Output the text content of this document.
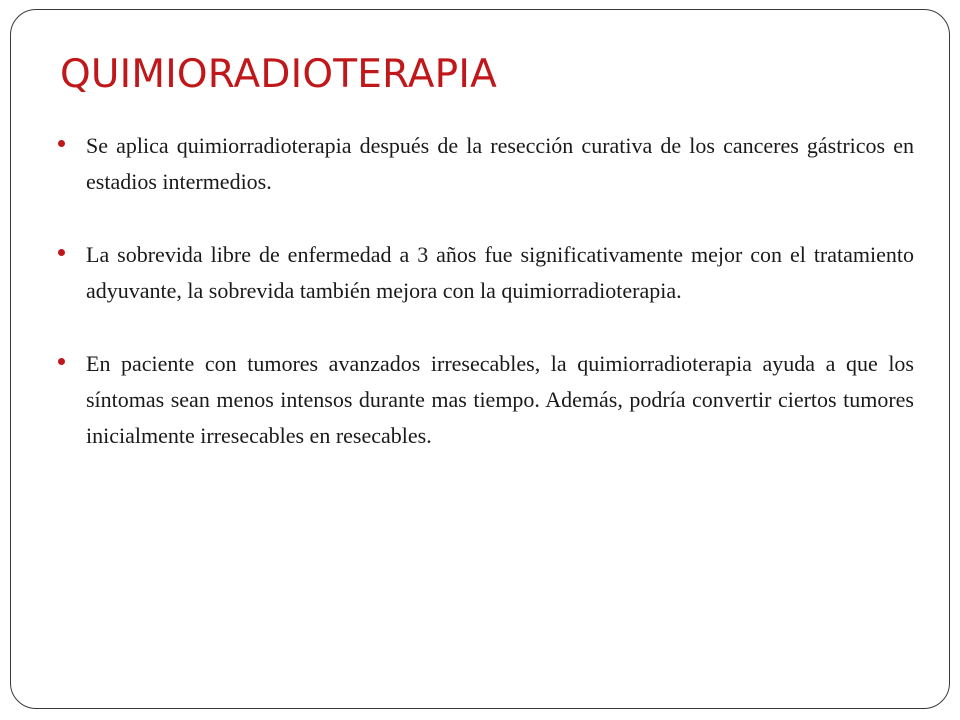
QUIMIORADIOTERAPIA
Se aplica quimiorradioterapia después de la resección curativa de los canceres gástricos en estadios intermedios.
La sobrevida libre de enfermedad a 3 años fue significativamente mejor con el tratamiento adyuvante, la sobrevida también mejora con la quimiorradioterapia.
En paciente con tumores avanzados irresecables, la quimiorradioterapia ayuda a que los síntomas sean menos intensos durante mas tiempo. Además, podría convertir ciertos tumores inicialmente irresecables en resecables.
